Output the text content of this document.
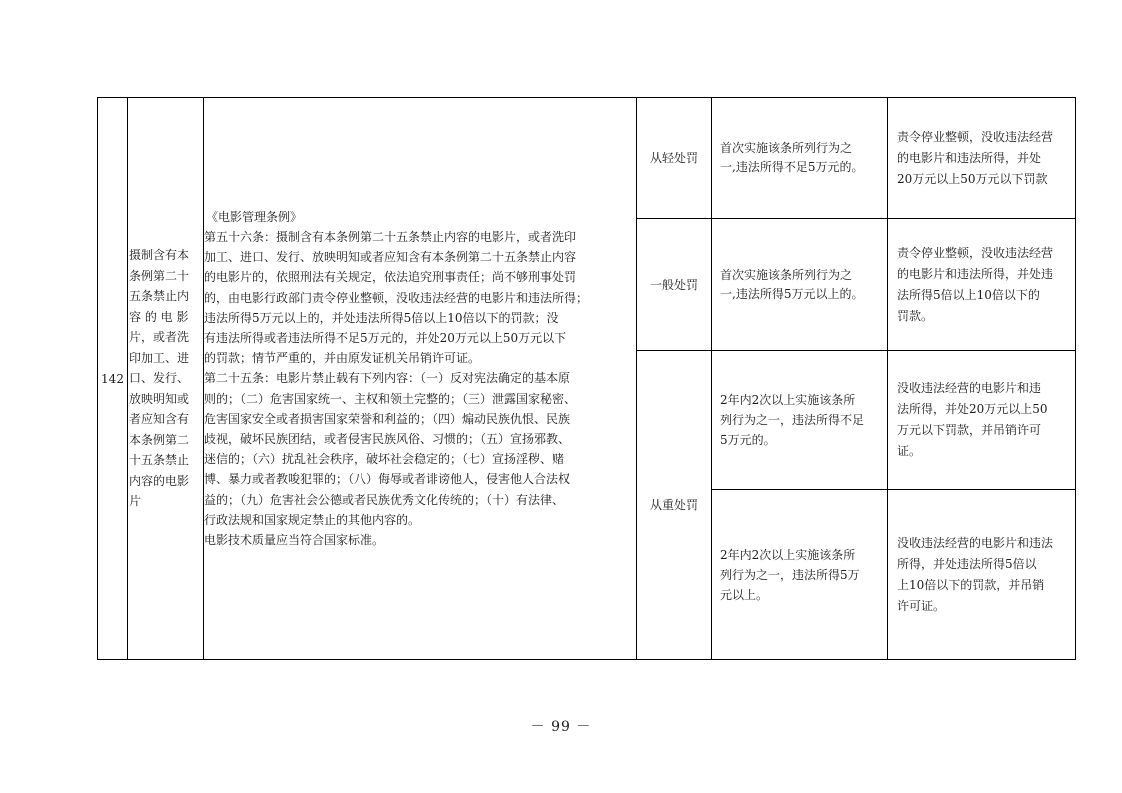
142
摄制含有本
条例第二十
五条禁止内
容 的 电 影
片，或者洗
印加工、进
口、发行、
放映明知或
者应知含有
本条例第二
十五条禁止
内容的电影
片
《电影管理条例》
第五十六条：摄制含有本条例第二十五条禁止内容的电影片，或者洗印
加工、进口、发行、放映明知或者应知含有本条例第二十五条禁止内容
的电影片的，依照刑法有关规定，依法追究刑事责任；尚不够刑事处罚
的，由电影行政部门责令停业整顿，没收违法经营的电影片和违法所得；
违法所得5万元以上的，并处违法所得5倍以上10倍以下的罚款；没
有违法所得或者违法所得不足5万元的，并处20万元以上50万元以下
的罚款；情节严重的，并由原发证机关吊销许可证。
第二十五条：电影片禁止载有下列内容：（一）反对宪法确定的基本原
则的；（二）危害国家统一、主权和领土完整的；（三）泄露国家秘密、
危害国家安全或者损害国家荣誉和利益的；（四）煽动民族仇恨、民族
歧视，破坏民族团结，或者侵害民族风俗、习惯的；（五）宣扬邪教、
迷信的；（六）扰乱社会秩序，破坏社会稳定的；（七）宣扬淫秽、赌
博、暴力或者教唆犯罪的；（八）侮辱或者诽谤他人，侵害他人合法权
益的；（九）危害社会公德或者民族优秀文化传统的；（十）有法律、
行政法规和国家规定禁止的其他内容的。
电影技术质量应当符合国家标准。
从轻处罚
首次实施该条所列行为之
一,违法所得不足5万元的。
责令停业整顿，没收违法经营
的电影片和违法所得，并处
20万元以上50万元以下罚款
一般处罚
首次实施该条所列行为之
一,违法所得5万元以上的。
责令停业整顿，没收违法经营
的电影片和违法所得，并处违
法所得5倍以上10倍以下的
罚款。
从重处罚
2年内2次以上实施该条所
列行为之一，违法所得不足
5万元的。
没收违法经营的电影片和违
法所得，并处20万元以上50
万元以下罚款，并吊销许可
证。
2年内2次以上实施该条所
列行为之一，违法所得5万
元以上。
没收违法经营的电影片和违法
所得，并处违法所得5倍以
上10倍以下的罚款，并吊销
许可证。
－ 99 －
